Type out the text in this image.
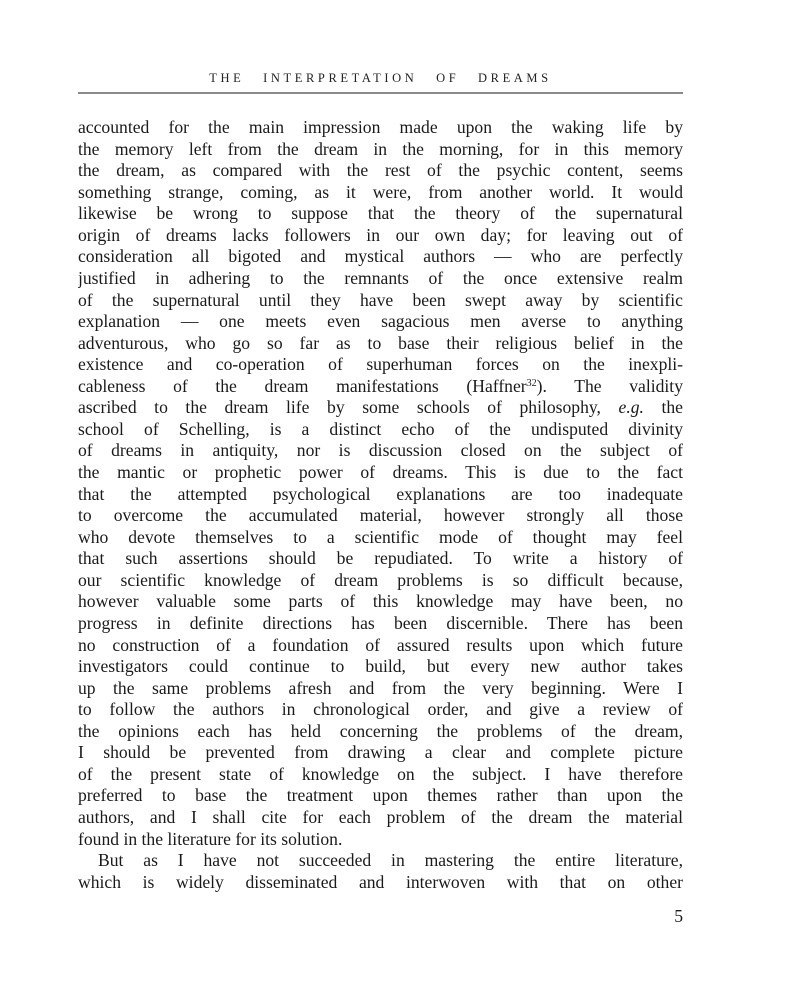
THE INTERPRETATION OF DREAMS
accounted for the main impression made upon the waking life by
the memory left from the dream in the morning, for in this memory
the dream, as compared with the rest of the psychic content, seems
something strange, coming, as it were, from another world. It would
likewise be wrong to suppose that the theory of the supernatural
origin of dreams lacks followers in our own day; for leaving out of
consideration all bigoted and mystical authors — who are perfectly
justified in adhering to the remnants of the once extensive realm
of the supernatural until they have been swept away by scientific
explanation — one meets even sagacious men averse to anything
adventurous, who go so far as to base their religious belief in the
existence and co-operation of superhuman forces on the inexpli-
cableness of the dream manifestations (Haffner$^{32}$). The validity
ascribed to the dream life by some schools of philosophy, e.g. the
school of Schelling, is a distinct echo of the undisputed divinity
of dreams in antiquity, nor is discussion closed on the subject of
the mantic or prophetic power of dreams. This is due to the fact
that the attempted psychological explanations are too inadequate
to overcome the accumulated material, however strongly all those
who devote themselves to a scientific mode of thought may feel
that such assertions should be repudiated. To write a history of
our scientific knowledge of dream problems is so difficult because,
however valuable some parts of this knowledge may have been, no
progress in definite directions has been discernible. There has been
no construction of a foundation of assured results upon which future
investigators could continue to build, but every new author takes
up the same problems afresh and from the very beginning. Were I
to follow the authors in chronological order, and give a review of
the opinions each has held concerning the problems of the dream,
I should be prevented from drawing a clear and complete picture
of the present state of knowledge on the subject. I have therefore
preferred to base the treatment upon themes rather than upon the
authors, and I shall cite for each problem of the dream the material
found in the literature for its solution.
But as I have not succeeded in mastering the entire literature,
which is widely disseminated and interwoven with that on other
5
